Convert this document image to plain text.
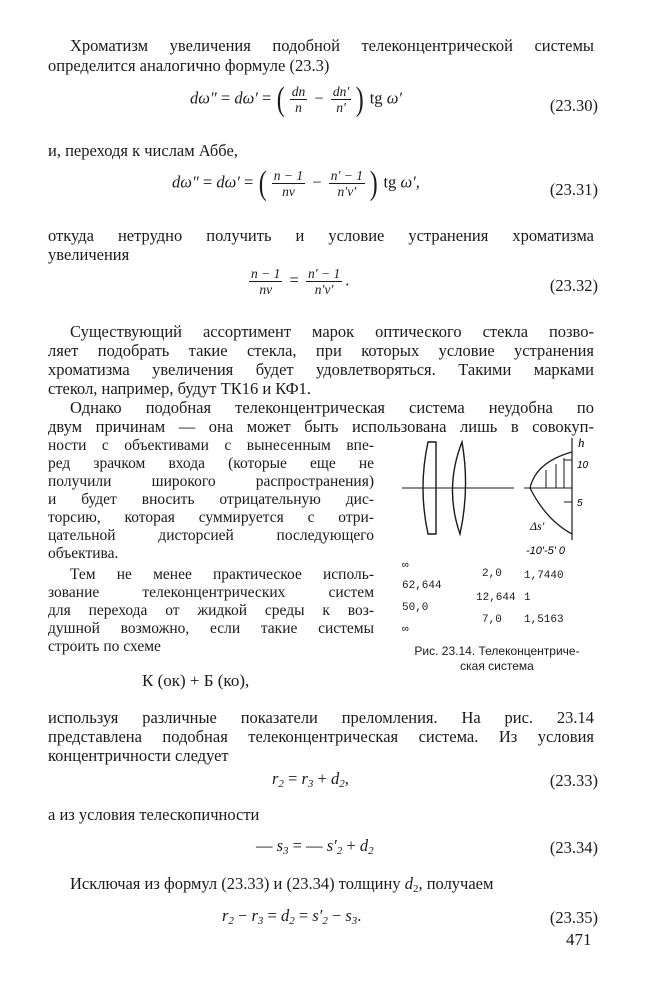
Хроматизм увеличения подобной телеконцентрической системы
определится аналогично формуле (23.3)
dω″ = dω′ = ( $\frac{dn}{n} - \frac{dn'}{n'}$ ) tg ω′	(23.30)
и, переходя к числам Аббе,
dω″ = dω′ = ( $\frac{n - 1}{n\nu} - \frac{n' - 1}{n'\nu'}$ ) tg ω′,	(23.31)
откуда нетрудно получить и условие устранения хроматизма
увеличения
$\frac{n - 1}{n\nu} = \frac{n' - 1}{n'\nu'}$ .	(23.32)
Существующий ассортимент марок оптического стекла позво-
ляет подобрать такие стекла, при которых условие устранения
хроматизма увеличения будет удовлетворяться. Такими марками
стекол, например, будут ТК16 и КФ1.
Однако подобная телеконцентрическая система неудобна по
двум причинам — она может быть использована лишь в совокуп-
ности с объективами с вынесенным впе-
ред зрачком входа (которые еще не
получили широкого распространения)
и будет вносить отрицательную дис-
торсию, которая суммируется с отри-
цательной дисторсией последующего
объектива.
Тем не менее практическое исполь-
зование телеконцентрических систем
для перехода от жидкой среды к воз-
душной возможно, если такие системы
строить по схеме
К (ок) + Б (ко),
h
10
5
Δs'
-10'-5' 0
∞
2,0 1,7440
62,644
12,644 1
50,0
7,0 1,5163
∞
Рис. 23.14. Телеконцентриче-
ская система
используя различные показатели преломления. На рис. 23.14
представлена подобная телеконцентрическая система. Из условия
концентричности следует
$r_2 = r_3 + d_2$,	(23.33)
а из условия телескопичности
— $s_3$ = — $s'_2 + d_2$	(23.34)
Исключая из формул (23.33) и (23.34) толщину $d_2$, получаем
$r_2 - r_3 = d_2 = s'_2 - s_3$.	(23.35)
471
